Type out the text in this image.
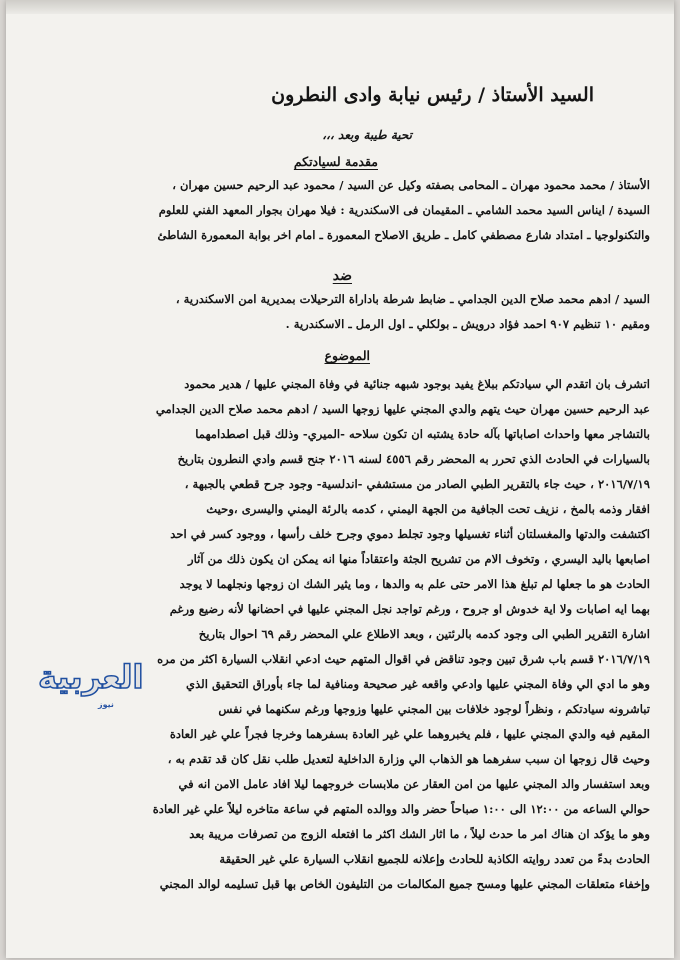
السيد الأستاذ / رئيس نيابة وادى النطرون

تحية طيبة وبعد ،،،

مقدمة لسيادتكم
الأستاذ / محمد محمود مهران ـ المحامى بصفته وكيل عن السيد / محمود عبد الرحيم حسين مهران ،
السيدة / ايناس السيد محمد الشامي ـ المقيمان فى الاسكندرية : فيلا مهران بجوار المعهد الفني للعلوم
والتكنولوجيا ـ امتداد شارع مصطفي كامل ـ طريق الاصلاح المعمورة ـ امام اخر بوابة المعمورة الشاطئ
ضد
السيد / ادهم محمد صلاح الدين الجدامي ـ ضابط شرطة باداراة الترحيلات بمديرية امن الاسكندرية ،
ومقيم ١٠ تنظيم ٩٠٧ احمد فؤاد درويش ـ بولكلي ـ اول الرمل ـ الاسكندرية .
الموضوع
اتشرف بان اتقدم الي سيادتكم ببلاغ يفيد بوجود شبهه جنائية في وفاة المجني عليها / هدير محمود
عبد الرحيم حسين مهران حيث يتهم والدي المجني عليها زوجها السيد / ادهم محمد صلاح الدين الجدامي
بالتشاجر معها واحداث اصاباتها بآله حادة يشتبه ان تكون سلاحه -الميري- وذلك قبل اصطدامهما
بالسيارات في الحادث الذي تحرر به المحضر رقم ٤٥٥٦ لسنه ٢٠١٦ جنح قسم وادي النطرون بتاريخ
٢٠١٦/٧/١٩ ، حيث جاء بالتقرير الطبي الصادر من مستشفي -اندلسية- وجود جرح قطعي بالجبهة ،
افقار وذمه بالمخ ، نزيف تحت الجافية من الجهة اليمني ، كدمه بالرئة اليمني واليسرى ،وحيث
اكتشفت والدتها والمغسلتان أثناء تغسيلها وجود تجلط دموي وجرح خلف رأسها ، ووجود كسر في احد
اصابعها باليد اليسري ، وتخوف الام من تشريح الجثة واعتقاداً منها انه يمكن ان يكون ذلك من آثار
الحادث هو ما جعلها لم تبلغ هذا الامر حتى علم به والدها ، وما يثير الشك ان زوجها ونجلهما لا يوجد
بهما ايه اصابات ولا اية خدوش او جروح ، ورغم تواجد نجل المجني عليها في احضانها لأنه رضيع ورغم
اشارة التقرير الطبي الى وجود كدمه بالرئتين ، وبعد الاطلاع علي المحضر رقم ٦٩ احوال بتاريخ
٢٠١٦/٧/١٩ قسم باب شرق تبين وجود تناقض في اقوال المتهم حيث ادعي انقلاب السيارة اكثر من مره
وهو ما ادي الي وفاة المجني عليها وادعي واقعه غير صحيحة ومنافية لما جاء بأوراق التحقيق الذي
تباشرونه سيادتكم ، ونظراً لوجود خلافات بين المجني عليها وزوجها ورغم سكنهما في نفس
المقيم فيه والدي المجني عليها ، فلم يخبروهما علي غير العادة بسفرهما وخرجا فجراً علي غير العادة
وحيث قال زوجها ان سبب سفرهما هو الذهاب الي وزارة الداخلية لتعديل طلب نقل كان قد تقدم به ،
وبعد استفسار والد المجني عليها من امن العقار عن ملابسات خروجهما ليلا افاد عامل الامن انه في
حوالي الساعه من ١٢:٠٠ الى ١:٠٠ صباحاً حضر والد ووالده المتهم في ساعة متاخره ليلاً علي غير العادة
وهو ما يؤكد ان هناك امر ما حدث ليلاً ، ما اثار الشك اكثر ما افتعله الزوج من تصرفات مريبة بعد
الحادث بدءً من تعدد روايته الكاذبة للحادث وإعلانه للجميع انقلاب السيارة علي غير الحقيقة
وإخفاء متعلقات المجني عليها ومسح جميع المكالمات من التليفون الخاص بها قبل تسليمه لوالد المجني
العربية
نيوز
